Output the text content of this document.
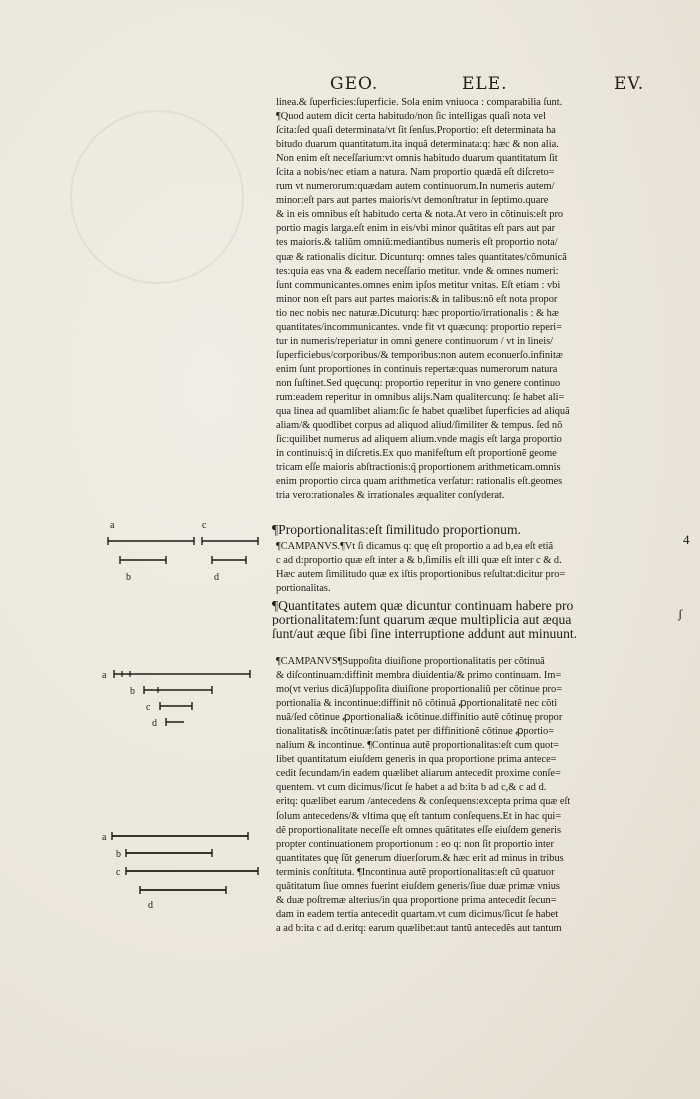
GEO.	ELE.	EV.
linea.& ſuperficies:ſuperficie. Sola enim vniuoca : comparabilia ſunt.
¶Quod autem dicit certa habitudo/non ſic intelligas quaſi nota vel
ſcita:ſed quaſi determinata/vt ſit ſenſus.Proportio: eſt determinata ha
bitudo duarum quantitatum.ita inquã determinata:q: hæc & non alia.
Non enim eſt neceſſarium:vt omnis habitudo duarum quantitatum ſit
ſcita a nobis/nec etiam a natura. Nam proportio quædã eſt diſcreto=
rum vt numerorum:quædam autem continuorum.In numeris autem/
minor:eſt pars aut partes maioris/vt demonſtratur in ſeptimo.quare
& in eis omnibus eſt habitudo certa & nota.At vero in cõtinuis:eſt pro
portio magis larga.eſt enim in eis/vbi minor quãtitas eſt pars aut par
tes maioris.& taliũm omniũ:mediantibus numeris eſt proportio nota/
quæ & rationalis dicitur. Dicunturq: omnes tales quantitates/cõmunicã
tes:quia eas vna & eadem neceſſario metitur. vnde & omnes numeri:
ſunt communicantes.omnes enim ipſos metitur vnitas. Eſt etiam : vbi
minor non eſt pars aut partes maioris:& in talibus:nõ eſt nota propor
tio nec nobis nec naturæ.Dicuturq: hæc proportio/irrationalis : & hæ
quantitates/incommunicantes. vnde fit vt quæcunq: proportio reperi=
tur in numeris/reperiatur in omni genere continuorum / vt in lineis/
ſuperficiebus/corporibus/& temporibus:non autem econuerſo.infinitæ
enim ſunt proportiones in continuis repertæ:quas numerorum natura
non ſuſtinet.Sed quęcunq: proportio reperitur in vno genere continuo
rum:eadem reperitur in omnibus alijs.Nam qualitercunq: ſe habet ali=
qua linea ad quamlibet aliam:ſic ſe habet quælibet ſuperficies ad aliquã
aliam/& quodlibet corpus ad aliquod aliud/ſimiliter & tempus. ſed nõ
ſic:quilibet numerus ad aliquem alium.vnde magis eſt larga proportio
in continuis:q̃ in diſcretis.Ex quo manifeſtum eſt proportionẽ geome
tricam eſſe maioris abſtractionis:q̃ proportionem arithmeticam.omnis
enim proportio circa quam arithmetica verſatur: rationalis eſt.geomes
tria vero:rationales & irrationales æqualiter conſyderat.
¶Proportionalitas:eſt ſimilitudo proportionum.
4
¶CAMPANVS.¶Vt ſi dicamus q: quę eſt proportio a ad b,ea eſt etiã
c ad d:proportio quæ eſt inter a & b,ſimilis eſt illi quæ eſt inter c & d.
Hæc autem ſimilitudo quæ ex iſtis proportionibus reſultat:dicitur pro=
portionalitas.
¶Quantitates autem quæ dicuntur continuam habere pro
portionalitatem:ſunt quarum æque multiplicia aut æqua
ſunt/aut æque ſibi ſine interruptione addunt aut minuunt.
ʃ
¶CAMPANVS¶Suppoſita diuiſione proportionalitatis per cõtinuã
& diſcontinuam:diffinit membra diuidentia/& primo continuam. Im=
mo(vt verius dicã)ſuppoſita diuiſione proportionaliũ per cõtinue pro=
portionalia & incontinue:diffinit nõ cõtinuã ꝓportionalitatẽ nec cõti
nuã/ſed cõtinue ꝓportionalia& icõtinue.diffinitio autẽ cõtinuę propor
tionalitatis& incõtinuæ:ſatis patet per diffinitionẽ cõtinue ꝓportio=
nalium & incontinue. ¶Continua autẽ proportionalitas:eſt cum quot=
libet quantitatum eiuſdem generis in qua proportione prima antece=
cedit ſecundam/in eadem quælibet aliarum antecedit proxime conſe=
quentem. vt cum dicimus/ſicut ſe habet a ad b:ita b ad c,& c ad d.
eritq: quælibet earum /antecedens & conſequens:excepta prima quæ eſt
ſolum antecedens/& vltima quę eſt tantum conſequens.Et in hac qui=
dẽ proportionalitate neceſſe eſt omnes quãtitates eſſe eiuſdem generis
propter continuationem proportionum : eo q: non ſit proportio inter
quantitates quę ſũt generum diuerſorum.& hæc erit ad minus in tribus
terminis conſtituta. ¶Incontinua autẽ proportionalitas:eſt cũ quatuor
quãtitatum ſiue omnes fuerint eiuſdem generis/ſiue duæ primæ vnius
& duæ poſtremæ alterius/in qua proportione prima antecedit ſecun=
dam in eadem tertia antecedit quartam.vt cum dicimus/ſicut ſe habet
a ad b:ita c ad d.eritq: earum quælibet:aut tantũ antecedẽs aut tantum
a	c
b	d
a
b
c
d
a
b
c
d
